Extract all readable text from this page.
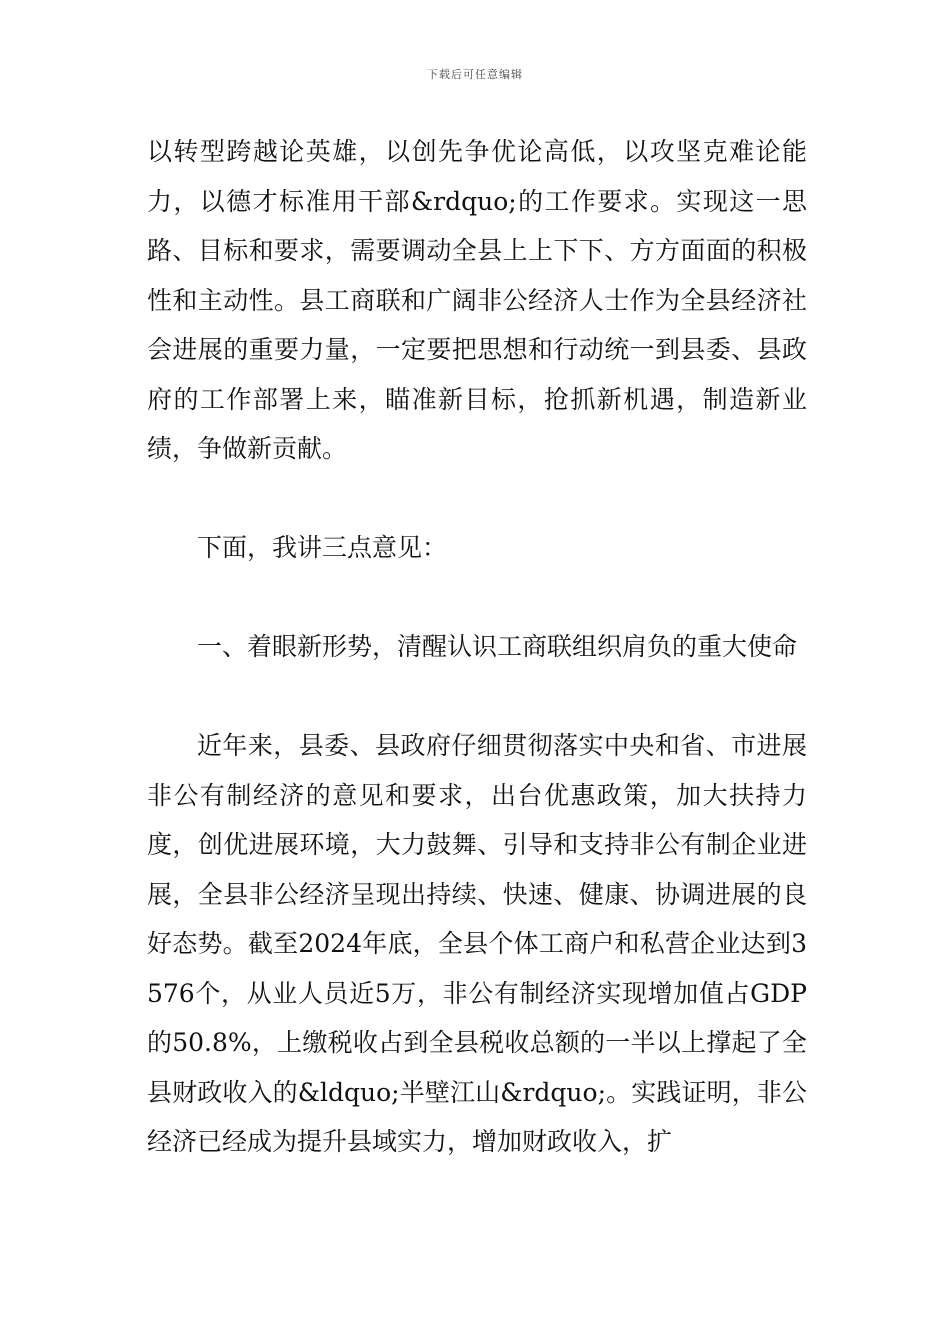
下载后可任意编辑

以转型跨越论英雄，以创先争优论高低，以攻坚克难论能力，以德才标准用干部&rdquo;的工作要求。实现这一思路、目标和要求，需要调动全县上上下下、方方面面的积极性和主动性。县工商联和广阔非公经济人士作为全县经济社会进展的重要力量，一定要把思想和行动统一到县委、县政府的工作部署上来，瞄准新目标，抢抓新机遇，制造新业绩，争做新贡献。

下面，我讲三点意见：

一、着眼新形势，清醒认识工商联组织肩负的重大使命

近年来，县委、县政府仔细贯彻落实中央和省、市进展非公有制经济的意见和要求，出台优惠政策，加大扶持力度，创优进展环境，大力鼓舞、引导和支持非公有制企业进展，全县非公经济呈现出持续、快速、健康、协调进展的良好态势。截至2024年底，全县个体工商户和私营企业达到3576个，从业人员近5万，非公有制经济实现增加值占GDP的50.8%，上缴税收占到全县税收总额的一半以上撑起了全县财政收入的&ldquo;半壁江山&rdquo;。实践证明，非公经济已经成为提升县域实力，增加财政收入，扩
